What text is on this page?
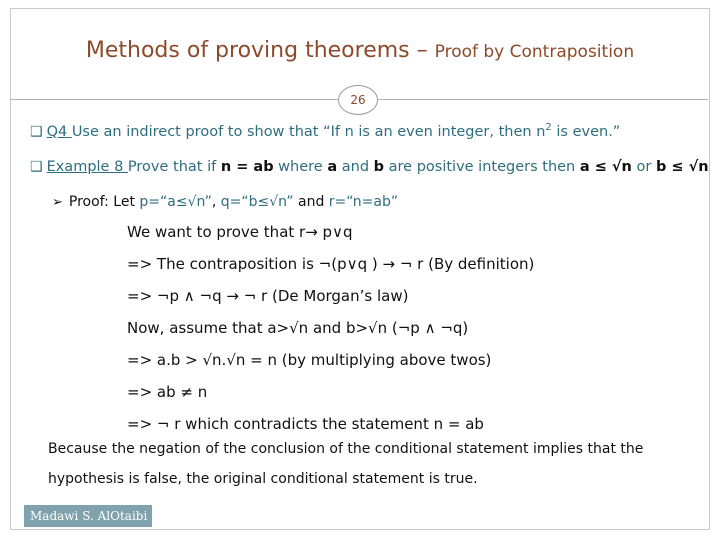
Methods of proving theorems – Proof by Contraposition
26
❑ Q4 Use an indirect proof to show that “If n is an even integer, then $n^2$ is even.”
❑ Example 8 Prove that if n = ab where a and b are positive integers then a ≤ √n or b ≤ √n
➢ Proof: Let p=“a≤√n”, q=“b≤√n” and r=“n=ab”
We want to prove that r→ p∨q
=> The contraposition is ¬(p∨q ) → ¬ r (By definition)
=> ¬p ∧ ¬q → ¬ r (De Morgan’s law)
Now, assume that a>√n and b>√n (¬p ∧ ¬q)
=> a.b > √n.√n = n (by multiplying above twos)
=> ab ≠ n
=> ¬ r which contradicts the statement n = ab
Because the negation of the conclusion of the conditional statement implies that the
hypothesis is false, the original conditional statement is true.
Madawi S. AlOtaibi
